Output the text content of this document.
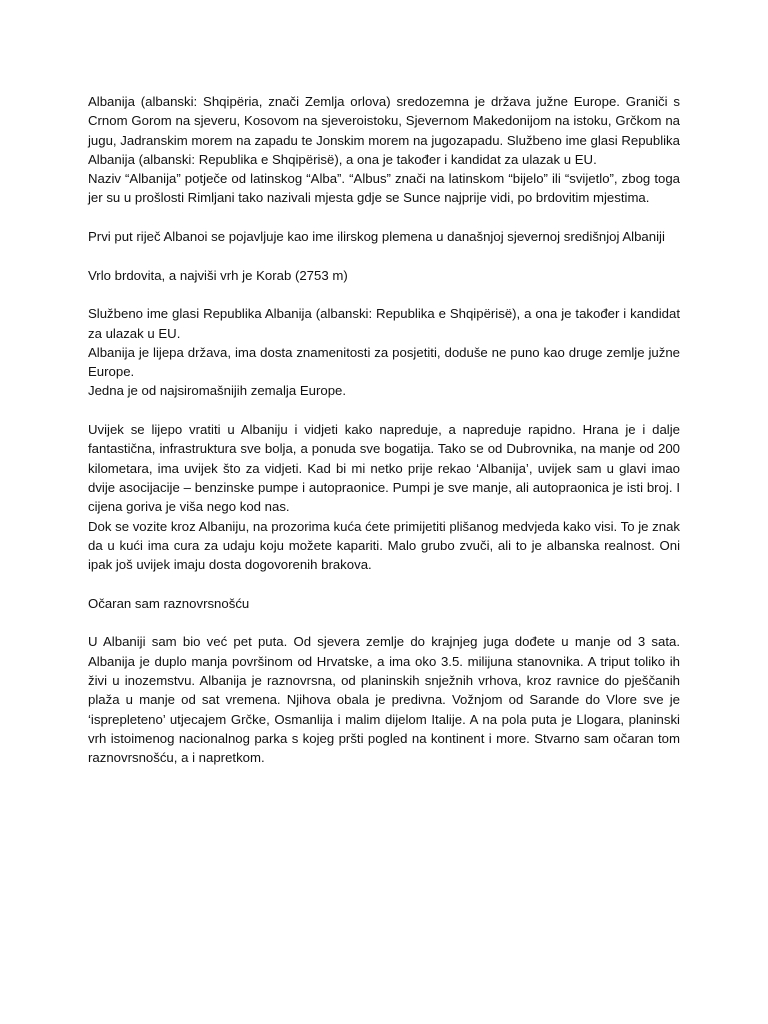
Albanija (albanski: Shqipëria, znači Zemlja orlova) sredozemna je država južne Europe. Graniči s Crnom Gorom na sjeveru, Kosovom na sjeveroistoku, Sjevernom Makedonijom na istoku, Grčkom na jugu, Jadranskim morem na zapadu te Jonskim morem na jugozapadu. Službeno ime glasi Republika Albanija (albanski: Republika e Shqipërisë), a ona je također i kandidat za ulazak u EU.

Naziv “Albanija” potječe od latinskog “Alba”. “Albus” znači na latinskom “bijelo” ili “svijetlo”, zbog toga jer su u prošlosti Rimljani tako nazivali mjesta gdje se Sunce najprije vidi, po brdovitim mjestima.

Prvi put riječ Albanoi se pojavljuje kao ime ilirskog plemena u današnjoj sjevernoj središnjoj Albaniji

Vrlo brdovita, a najviši vrh je Korab (2753 m)

Službeno ime glasi Republika Albanija (albanski: Republika e Shqipërisë), a ona je također i kandidat za ulazak u EU.

Albanija je lijepa država, ima dosta znamenitosti za posjetiti, doduše ne puno kao druge zemlje južne Europe.

Jedna je od najsiromašnijih zemalja Europe.

Uvijek se lijepo vratiti u Albaniju i vidjeti kako napreduje, a napreduje rapidno. Hrana je i dalje fantastična, infrastruktura sve bolja, a ponuda sve bogatija. Tako se od Dubrovnika, na manje od 200 kilometara, ima uvijek što za vidjeti. Kad bi mi netko prije rekao ‘Albanija’, uvijek sam u glavi imao dvije asocijacije – benzinske pumpe i autopraonice. Pumpi je sve manje, ali autopraonica je isti broj. I cijena goriva je viša nego kod nas.

Dok se vozite kroz Albaniju, na prozorima kuća ćete primijetiti plišanog medvjeda kako visi. To je znak da u kući ima cura za udaju koju možete kapariti. Malo grubo zvuči, ali to je albanska realnost. Oni ipak još uvijek imaju dosta dogovorenih brakova.

Očaran sam raznovrsnošću

U Albaniji sam bio već pet puta. Od sjevera zemlje do krajnjeg juga dođete u manje od 3 sata. Albanija je duplo manja površinom od Hrvatske, a ima oko 3.5. milijuna stanovnika. A triput toliko ih živi u inozemstvu. Albanija je raznovrsna, od planinskih snježnih vrhova, kroz ravnice do pješčanih plaža u manje od sat vremena. Njihova obala je predivna. Vožnjom od Sarande do Vlore sve je ‘isprepleteno’ utjecajem Grčke, Osmanlija i malim dijelom Italije. A na pola puta je Llogara, planinski vrh istoimenog nacionalnog parka s kojeg pršti pogled na kontinent i more. Stvarno sam očaran tom raznovrsnošću, a i napretkom.
